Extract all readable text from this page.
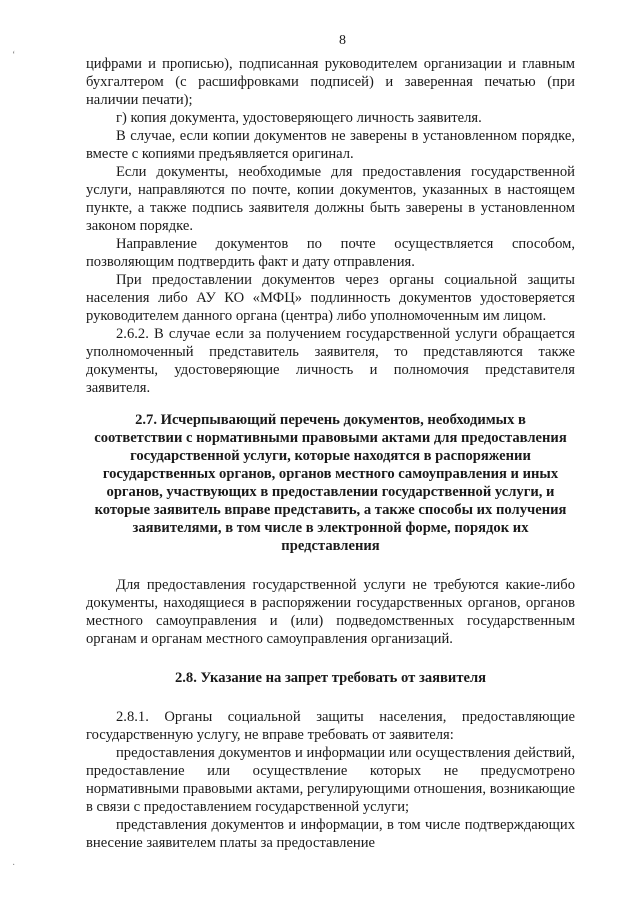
8

цифрами и прописью), подписанная руководителем организации и главным бухгалтером (с расшифровками подписей) и заверенная печатью (при наличии печати);

г) копия документа, удостоверяющего личность заявителя.

В случае, если копии документов не заверены в установленном порядке, вместе с копиями предъявляется оригинал.

Если документы, необходимые для предоставления государственной услуги, направляются по почте, копии документов, указанных в настоящем пункте, а также подпись заявителя должны быть заверены в установленном законом порядке.

Направление документов по почте осуществляется способом, позволяющим подтвердить факт и дату отправления.

При предоставлении документов через органы социальной защиты населения либо АУ КО «МФЦ» подлинность документов удостоверяется руководителем данного органа (центра) либо уполномоченным им лицом.

2.6.2. В случае если за получением государственной услуги обращается уполномоченный представитель заявителя, то представляются также документы, удостоверяющие личность и полномочия представителя заявителя.

2.7. Исчерпывающий перечень документов, необходимых в соответствии с нормативными правовыми актами для предоставления государственной услуги, которые находятся в распоряжении государственных органов, органов местного самоуправления и иных органов, участвующих в предоставлении государственной услуги, и которые заявитель вправе представить, а также способы их получения заявителями, в том числе в электронной форме, порядок их представления

Для предоставления государственной услуги не требуются какие-либо документы, находящиеся в распоряжении государственных органов, органов местного самоуправления и (или) подведомственных государственным органам и органам местного самоуправления организаций.

2.8. Указание на запрет требовать от заявителя

2.8.1. Органы социальной защиты населения, предоставляющие государственную услугу, не вправе требовать от заявителя:

предоставления документов и информации или осуществления действий, предоставление или осуществление которых не предусмотрено нормативными правовыми актами, регулирующими отношения, возникающие в связи с предоставлением государственной услуги;

представления документов и информации, в том числе подтверждающих внесение заявителем платы за предоставление

‘
·
